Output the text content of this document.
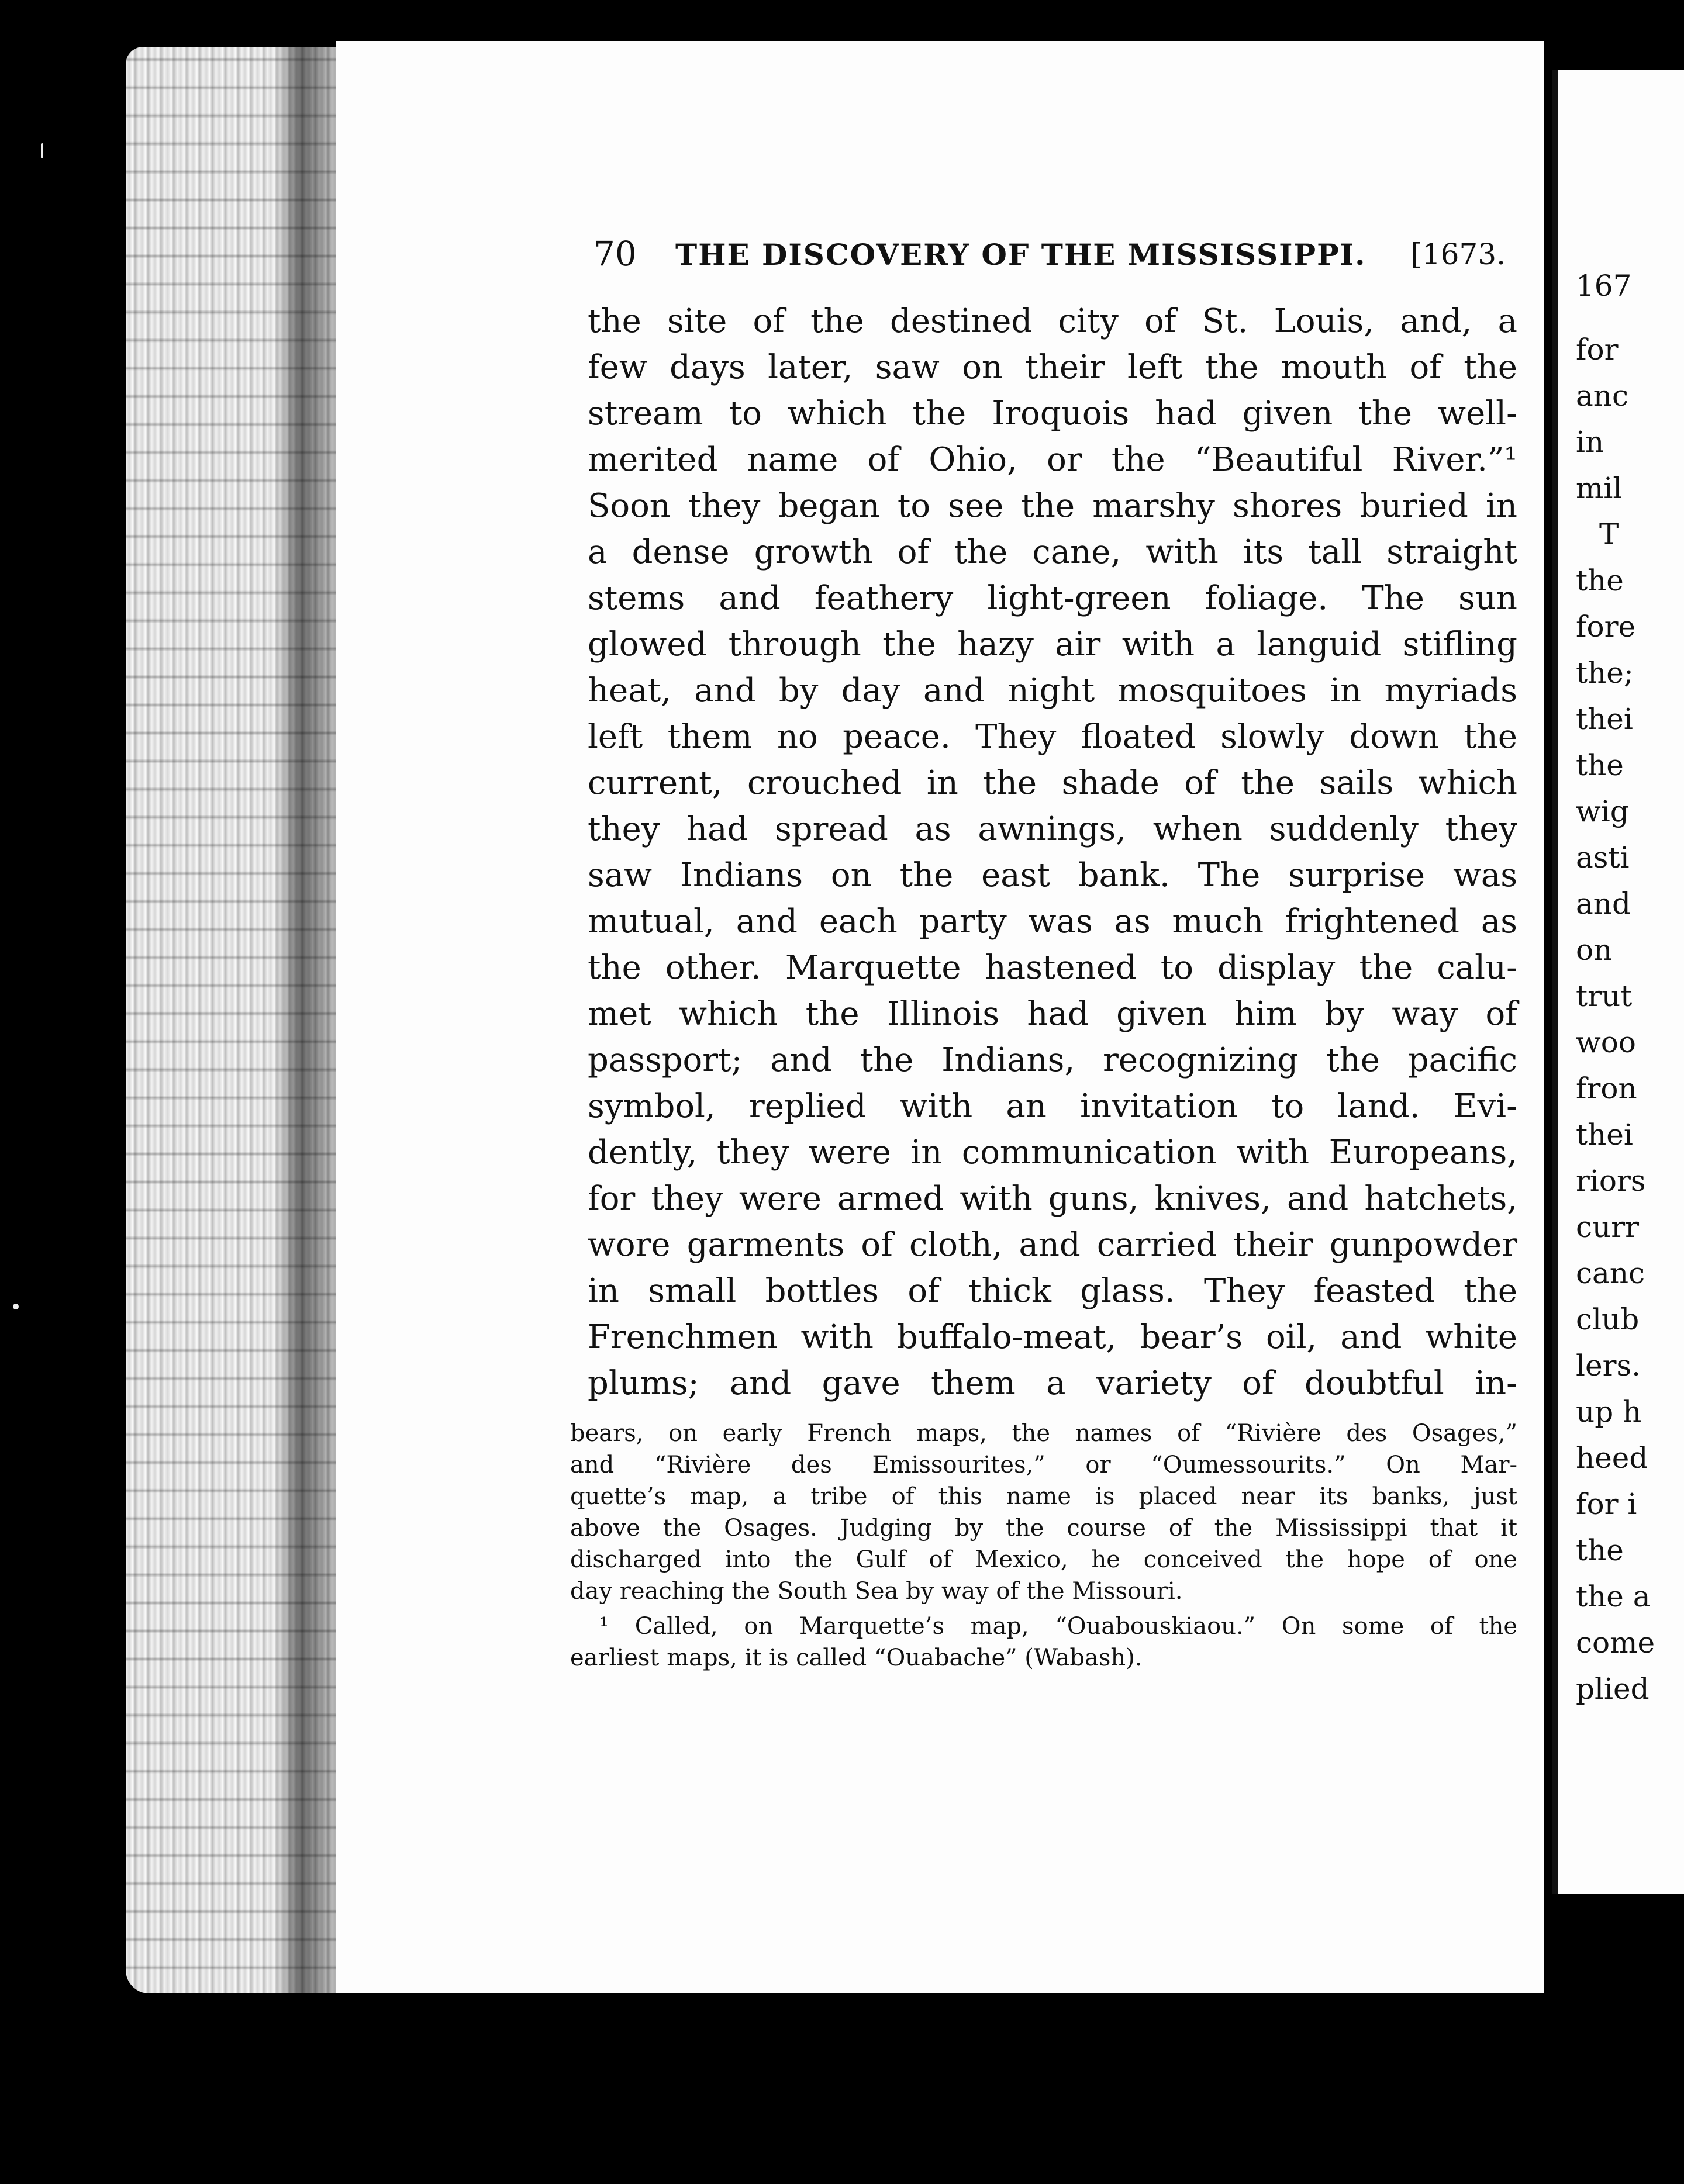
70 THE DISCOVERY OF THE MISSISSIPPI. [1673.
the site of the destined city of St. Louis, and, a
few days later, saw on their left the mouth of the
stream to which the Iroquois had given the well-
merited name of Ohio, or the “Beautiful River.”¹
Soon they began to see the marshy shores buried in
a dense growth of the cane, with its tall straight
stems and feathery light-green foliage. The sun
glowed through the hazy air with a languid stifling
heat, and by day and night mosquitoes in myriads
left them no peace. They floated slowly down the
current, crouched in the shade of the sails which
they had spread as awnings, when suddenly they
saw Indians on the east bank. The surprise was
mutual, and each party was as much frightened as
the other. Marquette hastened to display the calu-
met which the Illinois had given him by way of
passport; and the Indians, recognizing the pacific
symbol, replied with an invitation to land. Evi-
dently, they were in communication with Europeans,
for they were armed with guns, knives, and hatchets,
wore garments of cloth, and carried their gunpowder
in small bottles of thick glass. They feasted the
Frenchmen with buffalo-meat, bear’s oil, and white
plums; and gave them a variety of doubtful in-
bears, on early French maps, the names of “Rivière des Osages,”
and “Rivière des Emissourites,” or “Oumessourits.” On Mar-
quette’s map, a tribe of this name is placed near its banks, just
above the Osages. Judging by the course of the Mississippi that it
discharged into the Gulf of Mexico, he conceived the hope of one
day reaching the South Sea by way of the Missouri.
¹ Called, on Marquette’s map, “Ouabouskiaou.” On some of the
earliest maps, it is called “Ouabache” (Wabash).
167
for
anc
in
mil
T
the
fore
the;
thei
the
wig
asti
and
on
trut
woo
fron
thei
riors
curr
canc
club
lers.
up h
heed
for i
the
the a
come
plied
